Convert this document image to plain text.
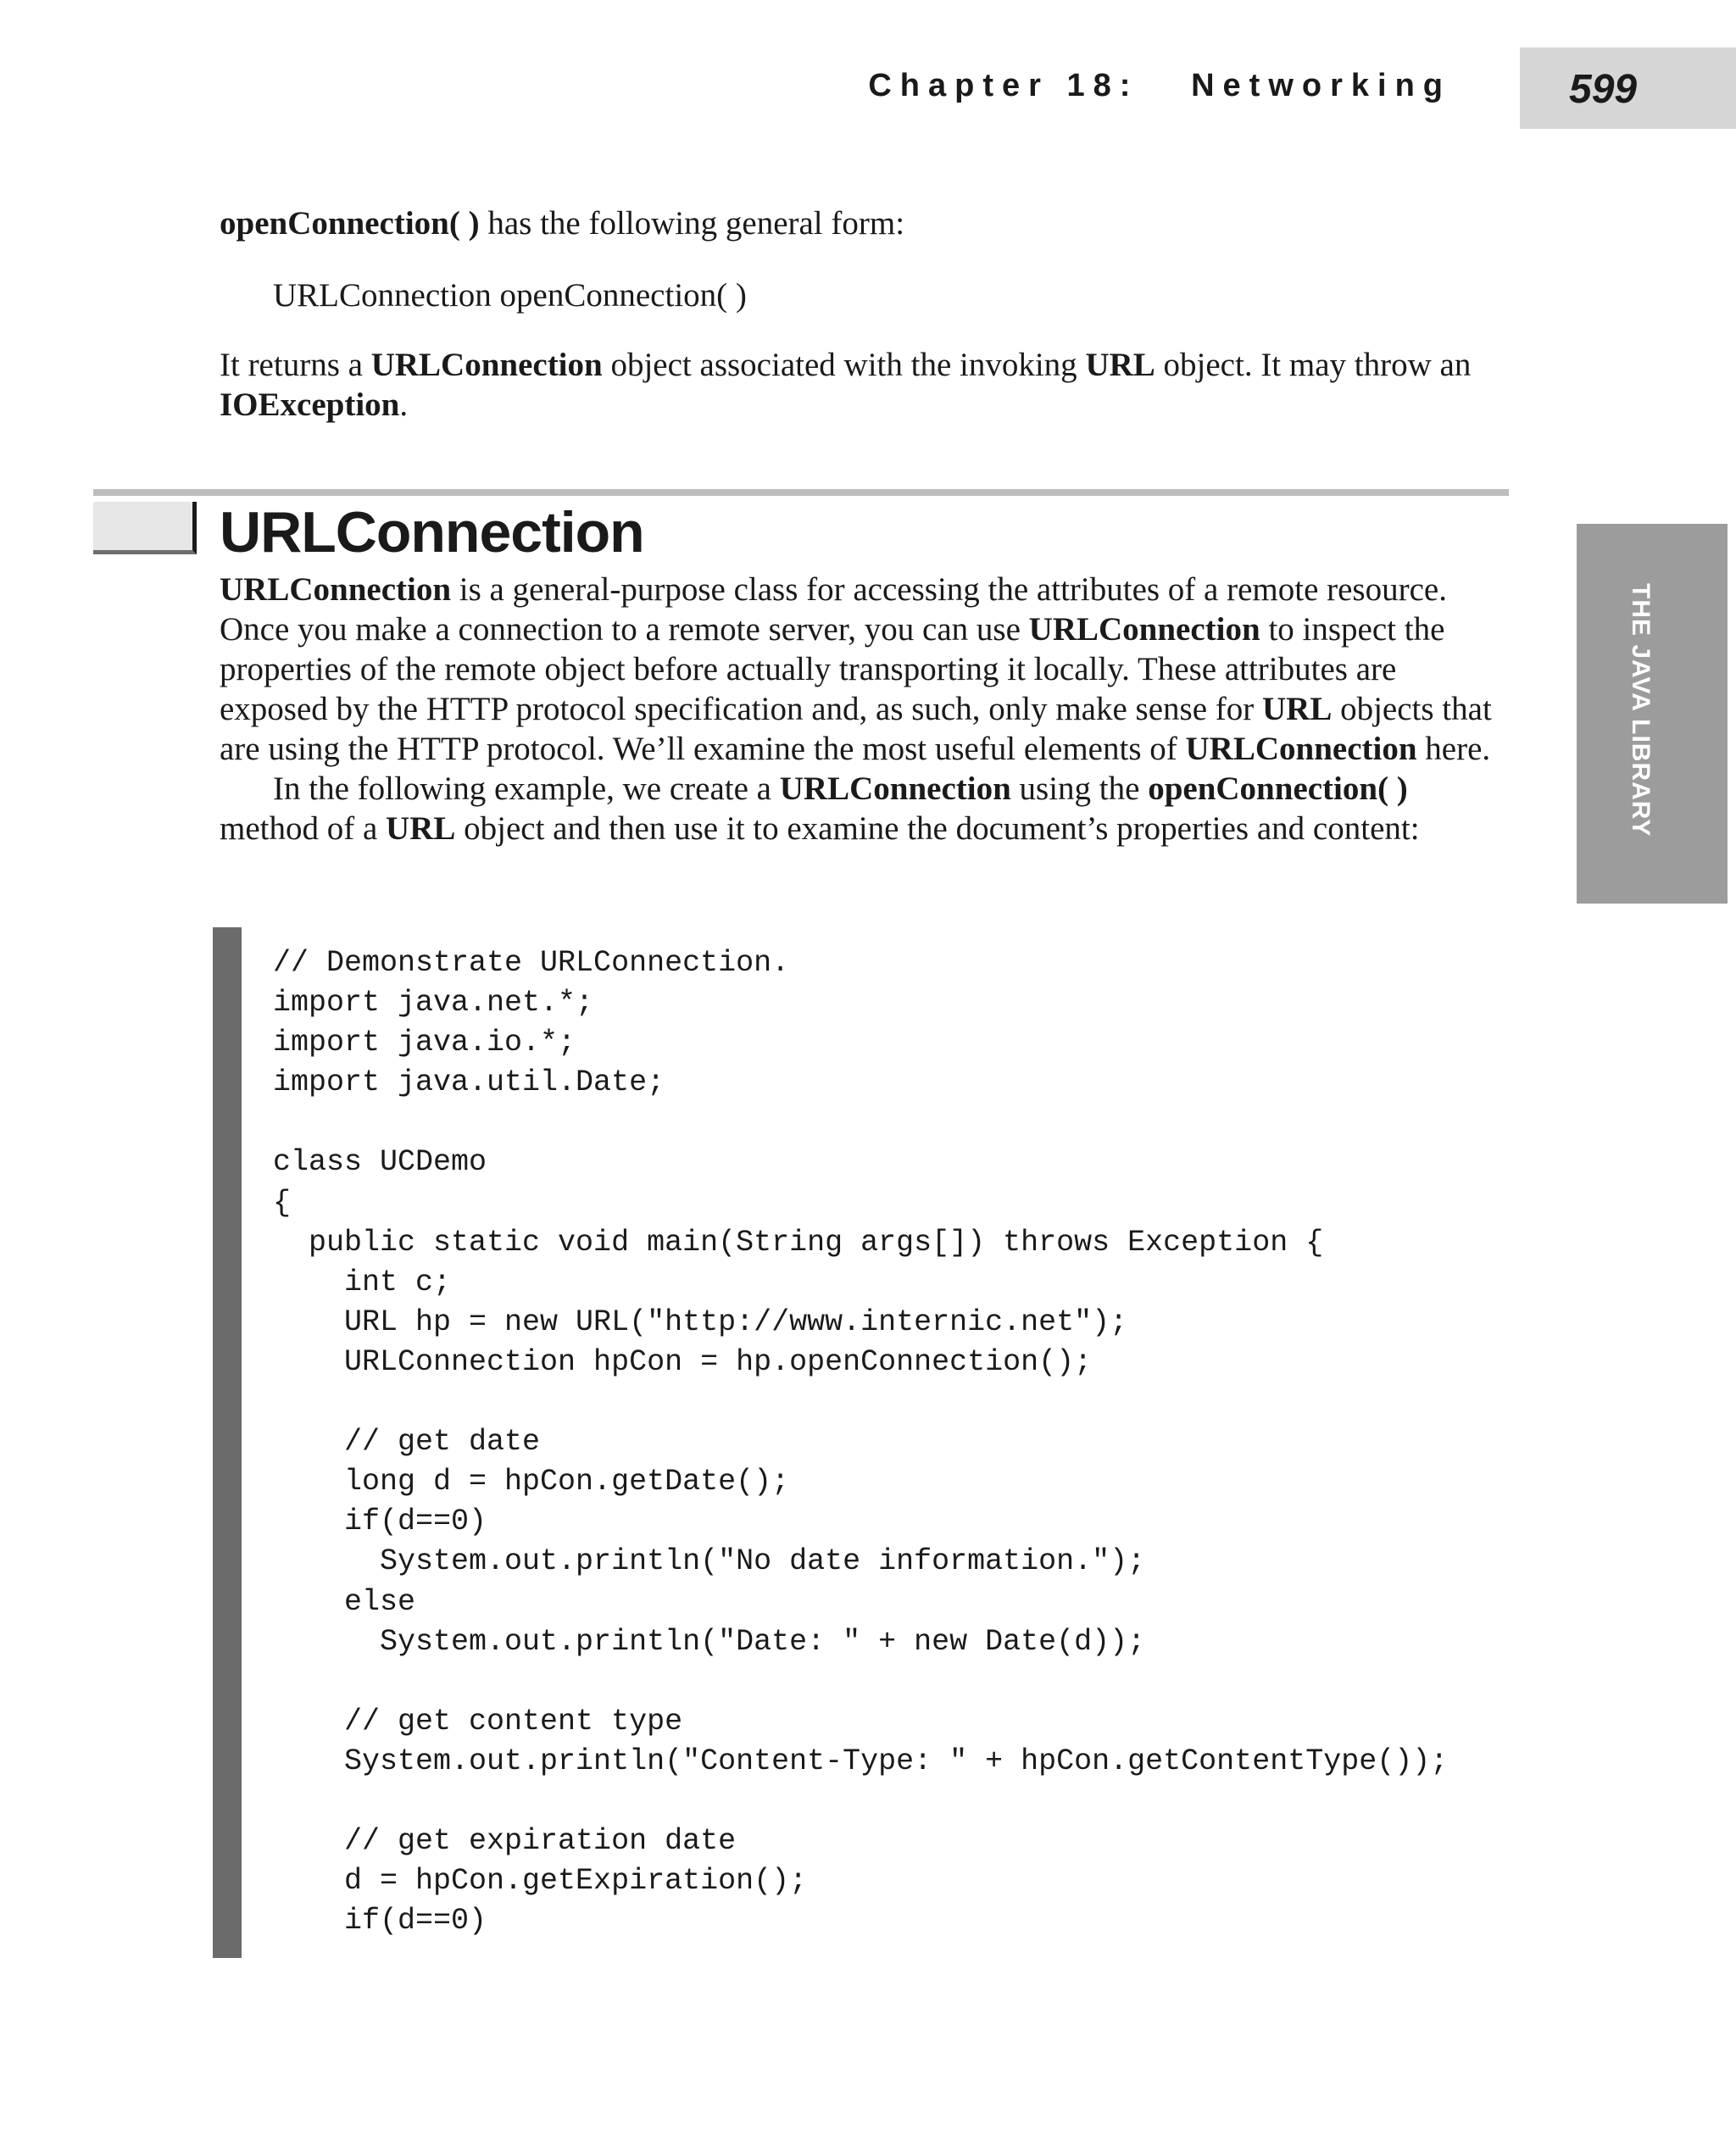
Chapter 18: Networking	599
THE JAVA LIBRARY

openConnection( ) has the following general form:

URLConnection openConnection( )

It returns a URLConnection object associated with the invoking URL object. It may throw an IOException.

URLConnection

URLConnection is a general-purpose class for accessing the attributes of a remote resource. Once you make a connection to a remote server, you can use URLConnection to inspect the properties of the remote object before actually transporting it locally. These attributes are exposed by the HTTP protocol specification and, as such, only make sense for URL objects that are using the HTTP protocol. We’ll examine the most useful elements of URLConnection here.

In the following example, we create a URLConnection using the openConnection( ) method of a URL object and then use it to examine the document’s properties and content:

// Demonstrate URLConnection.
import java.net.*;
import java.io.*;
import java.util.Date;
class UCDemo
{
public static void main(String args[]) throws Exception {
int c;
URL hp = new URL("http://www.internic.net");
URLConnection hpCon = hp.openConnection();
// get date
long d = hpCon.getDate();
if(d==0)
System.out.println("No date information.");
else
System.out.println("Date: " + new Date(d));
// get content type
System.out.println("Content-Type: " + hpCon.getContentType());
// get expiration date
d = hpCon.getExpiration();
if(d==0)
